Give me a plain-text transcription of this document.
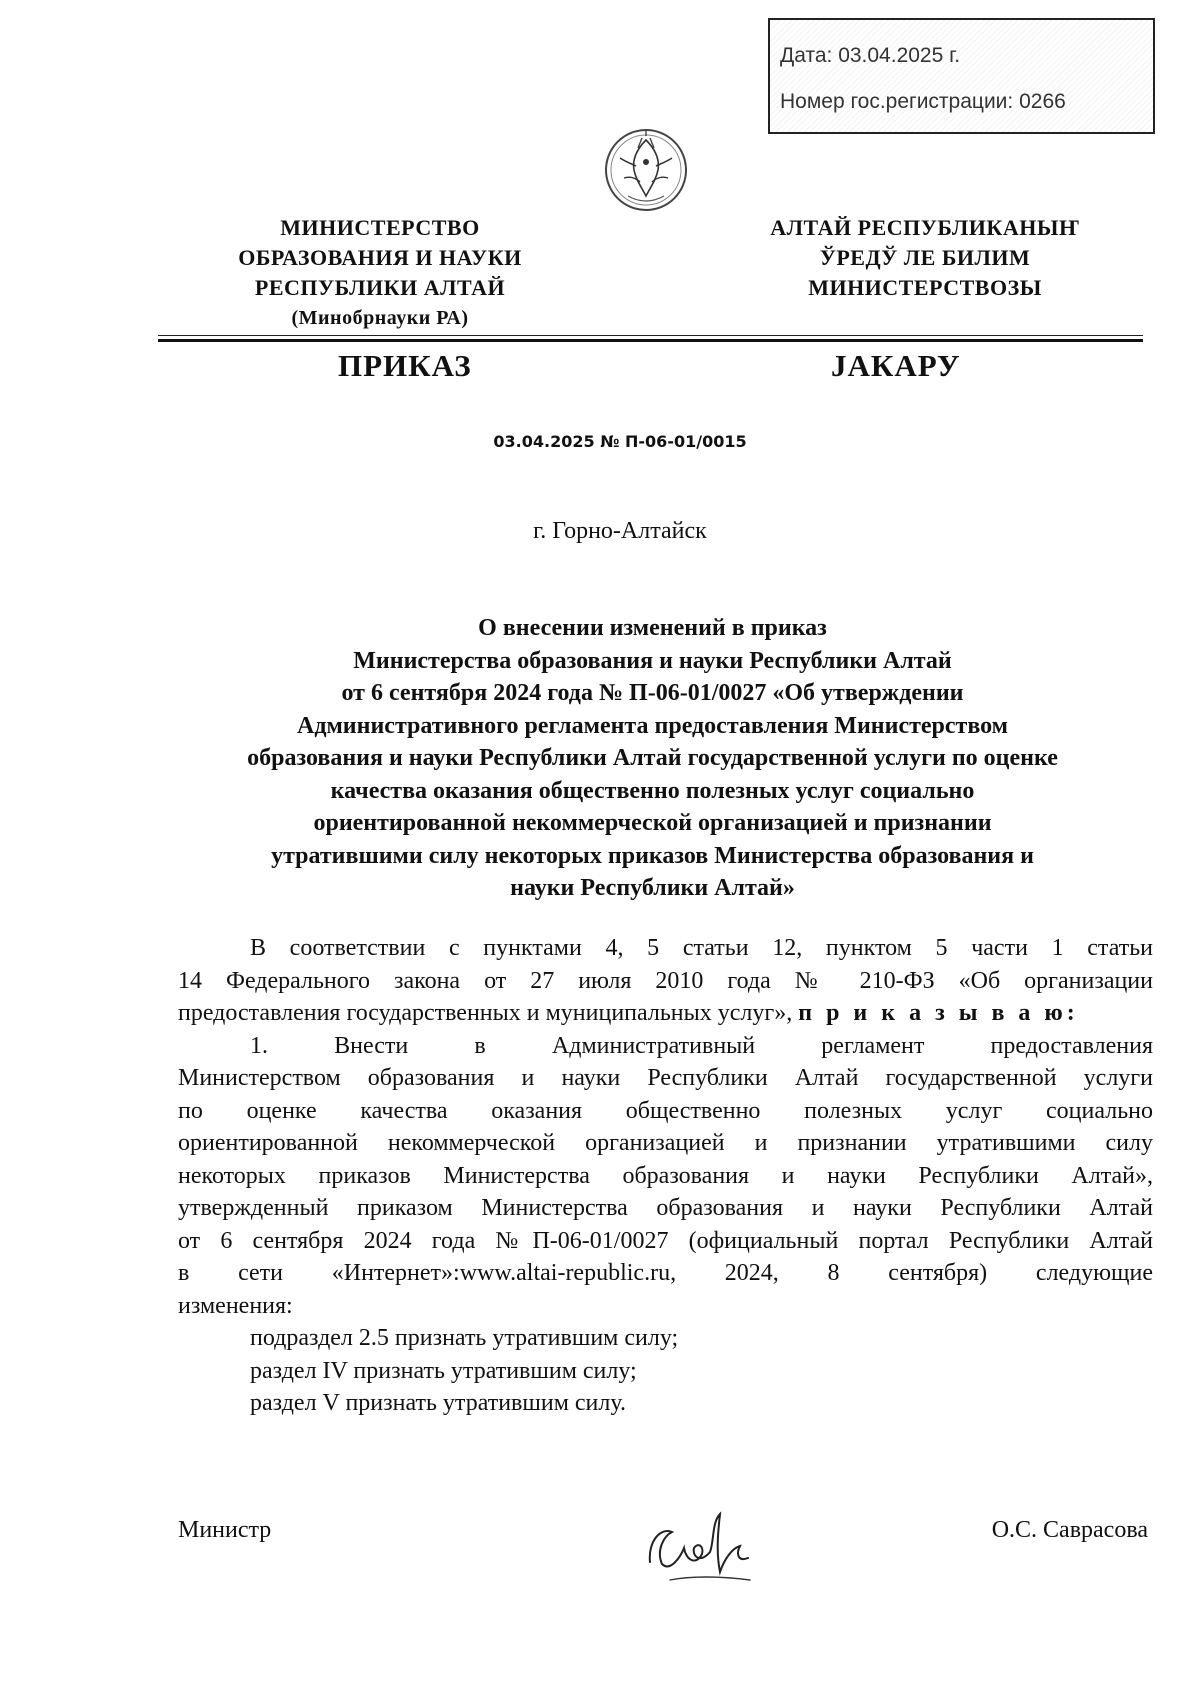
Дата: 03.04.2025 г.
Номер гос.регистрации: 0266
МИНИСТЕРСТВО
ОБРАЗОВАНИЯ И НАУКИ
РЕСПУБЛИКИ АЛТАЙ
(Минобрнауки РА)
АЛТАЙ РЕСПУБЛИКАНЫҤ
ЎРЕДЎ ЛЕ БИЛИМ
МИНИСТЕРСТВОЗЫ
ПРИКАЗ	JАКАРУ
03.04.2025 № П-06-01/0015
г. Горно-Алтайск
О внесении изменений в приказ
Министерства образования и науки Республики Алтай
от 6 сентября 2024 года № П-06-01/0027 «Об утверждении
Административного регламента предоставления Министерством
образования и науки Республики Алтай государственной услуги по оценке
качества оказания общественно полезных услуг социально
ориентированной некоммерческой организацией и признании
утратившими силу некоторых приказов Министерства образования и
науки Республики Алтай»
В соответствии с пунктами 4, 5 статьи 12, пунктом 5 части 1 статьи
14 Федерального закона от 27 июля 2010 года № 210-ФЗ «Об организации
предоставления государственных и муниципальных услуг», п р и к а з ы в а ю:
1. Внести в Административный регламент предоставления
Министерством образования и науки Республики Алтай государственной услуги
по оценке качества оказания общественно полезных услуг социально
ориентированной некоммерческой организацией и признании утратившими силу
некоторых приказов Министерства образования и науки Республики Алтай»,
утвержденный приказом Министерства образования и науки Республики Алтай
от 6 сентября 2024 года №П-06-01/0027 (официальный портал Республики Алтай
в сети «Интернет»:www.altai-republic.ru, 2024, 8 сентября) следующие
изменения:
подраздел 2.5 признать утратившим силу;
раздел IV признать утратившим силу;
раздел V признать утратившим силу.
Министр	О.С. Саврасова
